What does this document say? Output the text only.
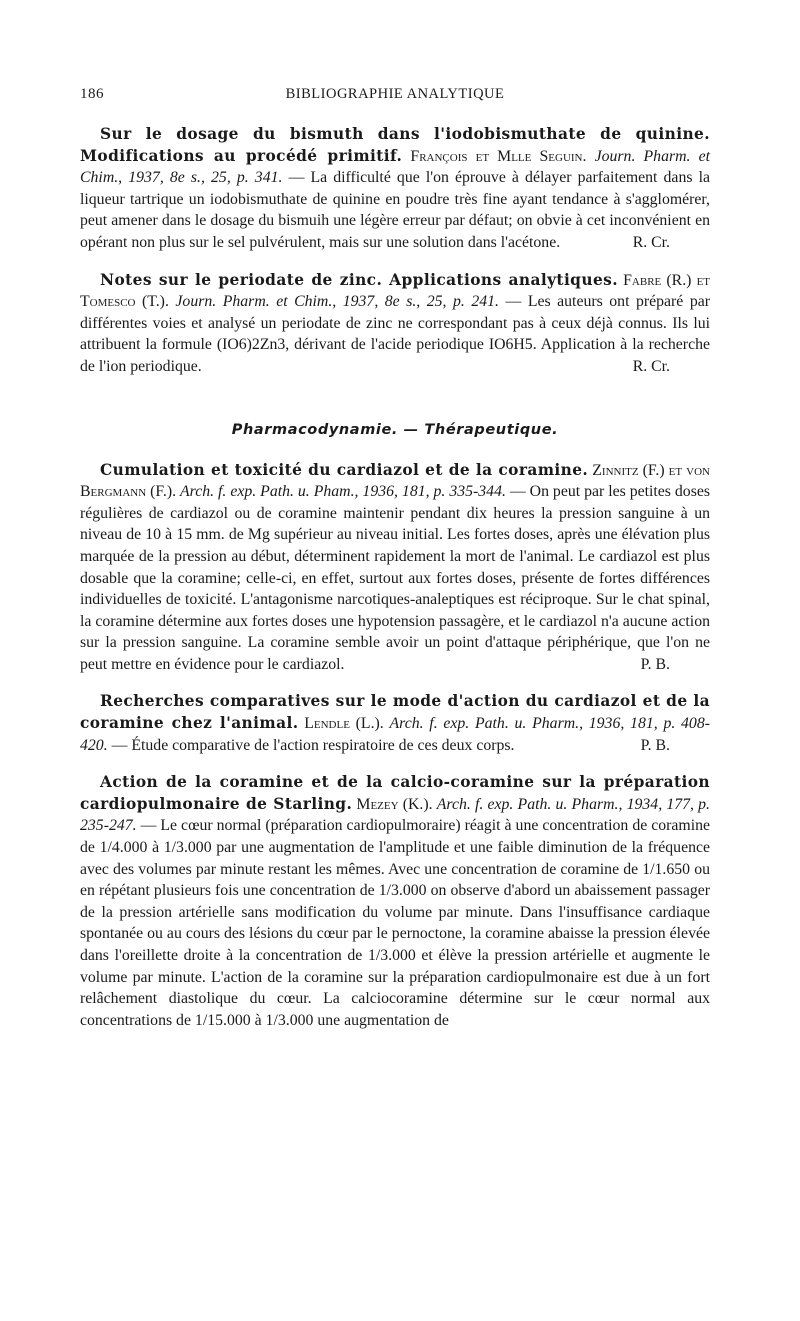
186	BIBLIOGRAPHIE ANALYTIQUE

Sur le dosage du bismuth dans l'iodobismuthate de quinine. Modifications au procédé primitif. François et Mlle Seguin. Journ. Pharm. et Chim., 1937, 8e s., 25, p. 341. — La difficulté que l'on éprouve à délayer parfaitement dans la liqueur tartrique un iodobismuthate de quinine en poudre très fine ayant tendance à s'agglomérer, peut amener dans le dosage du bismuih une légère erreur par défaut; on obvie à cet inconvénient en opérant non plus sur le sel pulvérulent, mais sur une solution dans l'acétone.	R. Cr.

Notes sur le periodate de zinc. Applications analytiques. Fabre (R.) et Tomesco (T.). Journ. Pharm. et Chim., 1937, 8e s., 25, p. 241. — Les auteurs ont préparé par différentes voies et analysé un periodate de zinc ne correspondant pas à ceux déjà connus. Ils lui attribuent la formule (IO6)2Zn3, dérivant de l'acide periodique IO6H5. Application à la recherche de l'ion periodique.	R. Cr.

Pharmacodynamie. — Thérapeutique.

Cumulation et toxicité du cardiazol et de la coramine. Zinnitz (F.) et von Bergmann (F.). Arch. f. exp. Path. u. Pham., 1936, 181, p. 335-344. — On peut par les petites doses régulières de cardiazol ou de coramine maintenir pendant dix heures la pression sanguine à un niveau de 10 à 15 mm. de Mg supérieur au niveau initial. Les fortes doses, après une élévation plus marquée de la pression au début, déterminent rapidement la mort de l'animal. Le cardiazol est plus dosable que la coramine; celle-ci, en effet, surtout aux fortes doses, présente de fortes différences individuelles de toxicité. L'antagonisme narcotiques-analeptiques est réciproque. Sur le chat spinal, la coramine détermine aux fortes doses une hypotension passagère, et le cardiazol n'a aucune action sur la pression sanguine. La coramine semble avoir un point d'attaque périphérique, que l'on ne peut mettre en évidence pour le cardiazol.	P. B.

Recherches comparatives sur le mode d'action du cardiazol et de la coramine chez l'animal. Lendle (L.). Arch. f. exp. Path. u. Pharm., 1936, 181, p. 408-420. — Étude comparative de l'action respiratoire de ces deux corps.	P. B.

Action de la coramine et de la calcio-coramine sur la préparation cardiopulmonaire de Starling. Mezey (K.). Arch. f. exp. Path. u. Pharm., 1934, 177, p. 235-247. — Le cœur normal (préparation cardiopulmoraire) réagit à une concentration de coramine de 1/4.000 à 1/3.000 par une augmentation de l'amplitude et une faible diminution de la fréquence avec des volumes par minute restant les mêmes. Avec une concentration de coramine de 1/1.650 ou en répétant plusieurs fois une concentration de 1/3.000 on observe d'abord un abaissement passager de la pression artérielle sans modification du volume par minute. Dans l'insuffisance cardiaque spontanée ou au cours des lésions du cœur par le pernoctone, la coramine abaisse la pression élevée dans l'oreillette droite à la concentration de 1/3.000 et élève la pression artérielle et augmente le volume par minute. L'action de la coramine sur la préparation cardiopulmonaire est due à un fort relâchement diastolique du cœur. La calciocoramine détermine sur le cœur normal aux concentrations de 1/15.000 à 1/3.000 une augmentation de
